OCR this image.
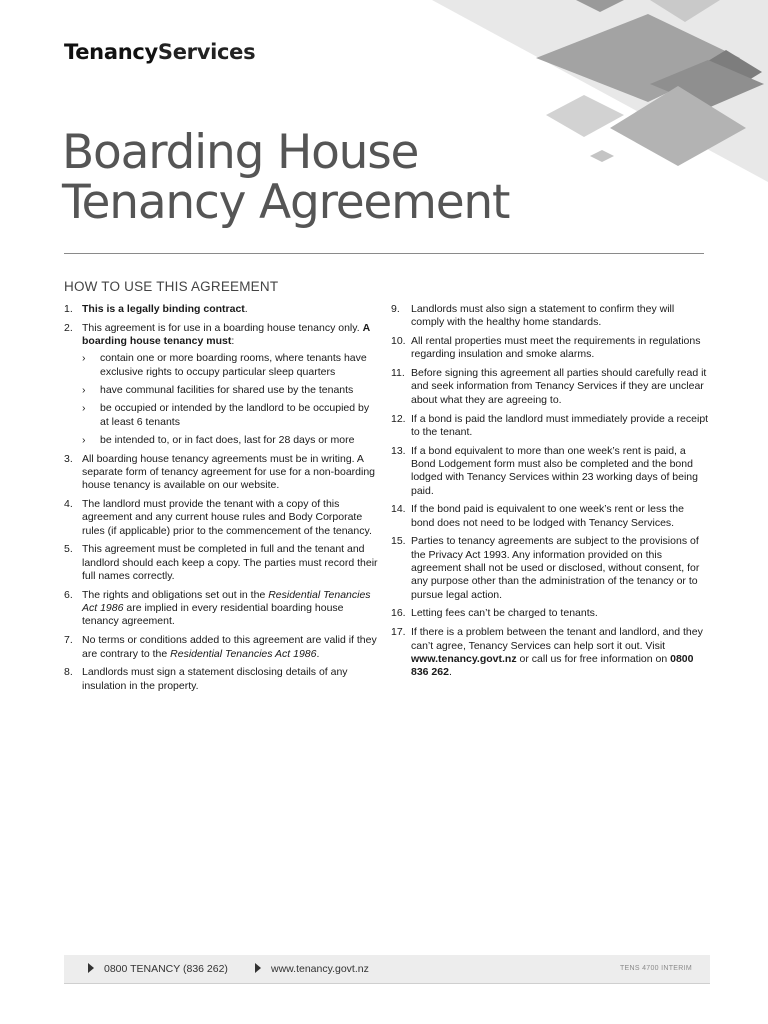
TenancyServices
Boarding House
Tenancy Agreement
HOW TO USE THIS AGREEMENT
1. This is a legally binding contract.
2. This agreement is for use in a boarding house tenancy only. A boarding house tenancy must:
› contain one or more boarding rooms, where tenants have exclusive rights to occupy particular sleep quarters
› have communal facilities for shared use by the tenants
› be occupied or intended by the landlord to be occupied by at least 6 tenants
› be intended to, or in fact does, last for 28 days or more
3. All boarding house tenancy agreements must be in writing. A separate form of tenancy agreement for use for a non-boarding house tenancy is available on our website.
4. The landlord must provide the tenant with a copy of this agreement and any current house rules and Body Corporate rules (if applicable) prior to the commencement of the tenancy.
5. This agreement must be completed in full and the tenant and landlord should each keep a copy. The parties must record their full names correctly.
6. The rights and obligations set out in the Residential Tenancies Act 1986 are implied in every residential boarding house tenancy agreement.
7. No terms or conditions added to this agreement are valid if they are contrary to the Residential Tenancies Act 1986.
8. Landlords must sign a statement disclosing details of any insulation in the property.
9. Landlords must also sign a statement to confirm they will comply with the healthy home standards.
10. All rental properties must meet the requirements in regulations regarding insulation and smoke alarms.
11. Before signing this agreement all parties should carefully read it and seek information from Tenancy Services if they are unclear about what they are agreeing to.
12. If a bond is paid the landlord must immediately provide a receipt to the tenant.
13. If a bond equivalent to more than one week’s rent is paid, a Bond Lodgement form must also be completed and the bond lodged with Tenancy Services within 23 working days of being paid.
14. If the bond paid is equivalent to one week’s rent or less the bond does not need to be lodged with Tenancy Services.
15. Parties to tenancy agreements are subject to the provisions of the Privacy Act 1993. Any information provided on this agreement shall not be used or disclosed, without consent, for any purpose other than the administration of the tenancy or to pursue legal action.
16. Letting fees can’t be charged to tenants.
17. If there is a problem between the tenant and landlord, and they can’t agree, Tenancy Services can help sort it out. Visit www.tenancy.govt.nz or call us for free information on 0800 836 262.
0800 TENANCY (836 262)	www.tenancy.govt.nz	TENS 4700 INTERIM
